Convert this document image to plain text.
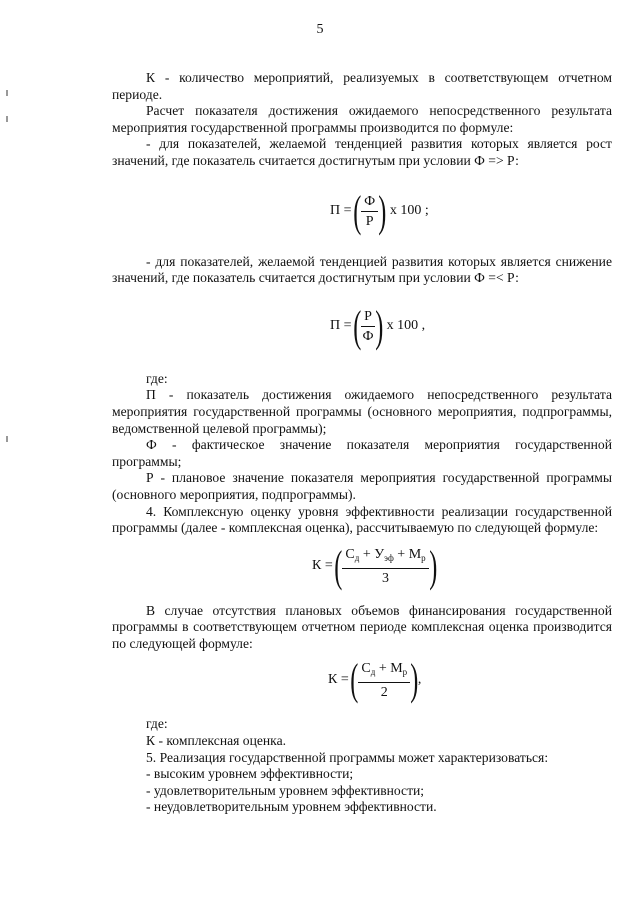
5

К - количество мероприятий, реализуемых в соответствующем отчетном периоде.

Расчет показателя достижения ожидаемого непосредственного результата мероприятия государственной программы производится по формуле:

- для показателей, желаемой тенденцией развития которых является рост значений, где показатель считается достигнутым при условии Ф => Р:

П = ( $\frac{Ф}{Р}$ ) х 100 ;

- для показателей, желаемой тенденцией развития которых является снижение значений, где показатель считается достигнутым при условии Ф =< Р:

П = ( $\frac{Р}{Ф}$ ) х 100 ,

где:

П - показатель достижения ожидаемого непосредственного результата мероприятия государственной программы (основного мероприятия, подпрограммы, ведомственной целевой программы);

Ф - фактическое значение показателя мероприятия государственной программы;

Р - плановое значение показателя мероприятия государственной программы (основного мероприятия, подпрограммы).

4. Комплексную оценку уровня эффективности реализации государственной программы (далее - комплексная оценка), рассчитываемую по следующей формуле:

К = ( $\frac{С_д + У_{эф} + М_р}{3}$ )

В случае отсутствия плановых объемов финансирования государственной программы в соответствующем отчетном периоде комплексная оценка производится по следующей формуле:

К = ( $\frac{С_д + М_р}{2}$ ) ,

где:

К - комплексная оценка.

5. Реализация государственной программы может характеризоваться:

- высоким уровнем эффективности;

- удовлетворительным уровнем эффективности;

- неудовлетворительным уровнем эффективности.
